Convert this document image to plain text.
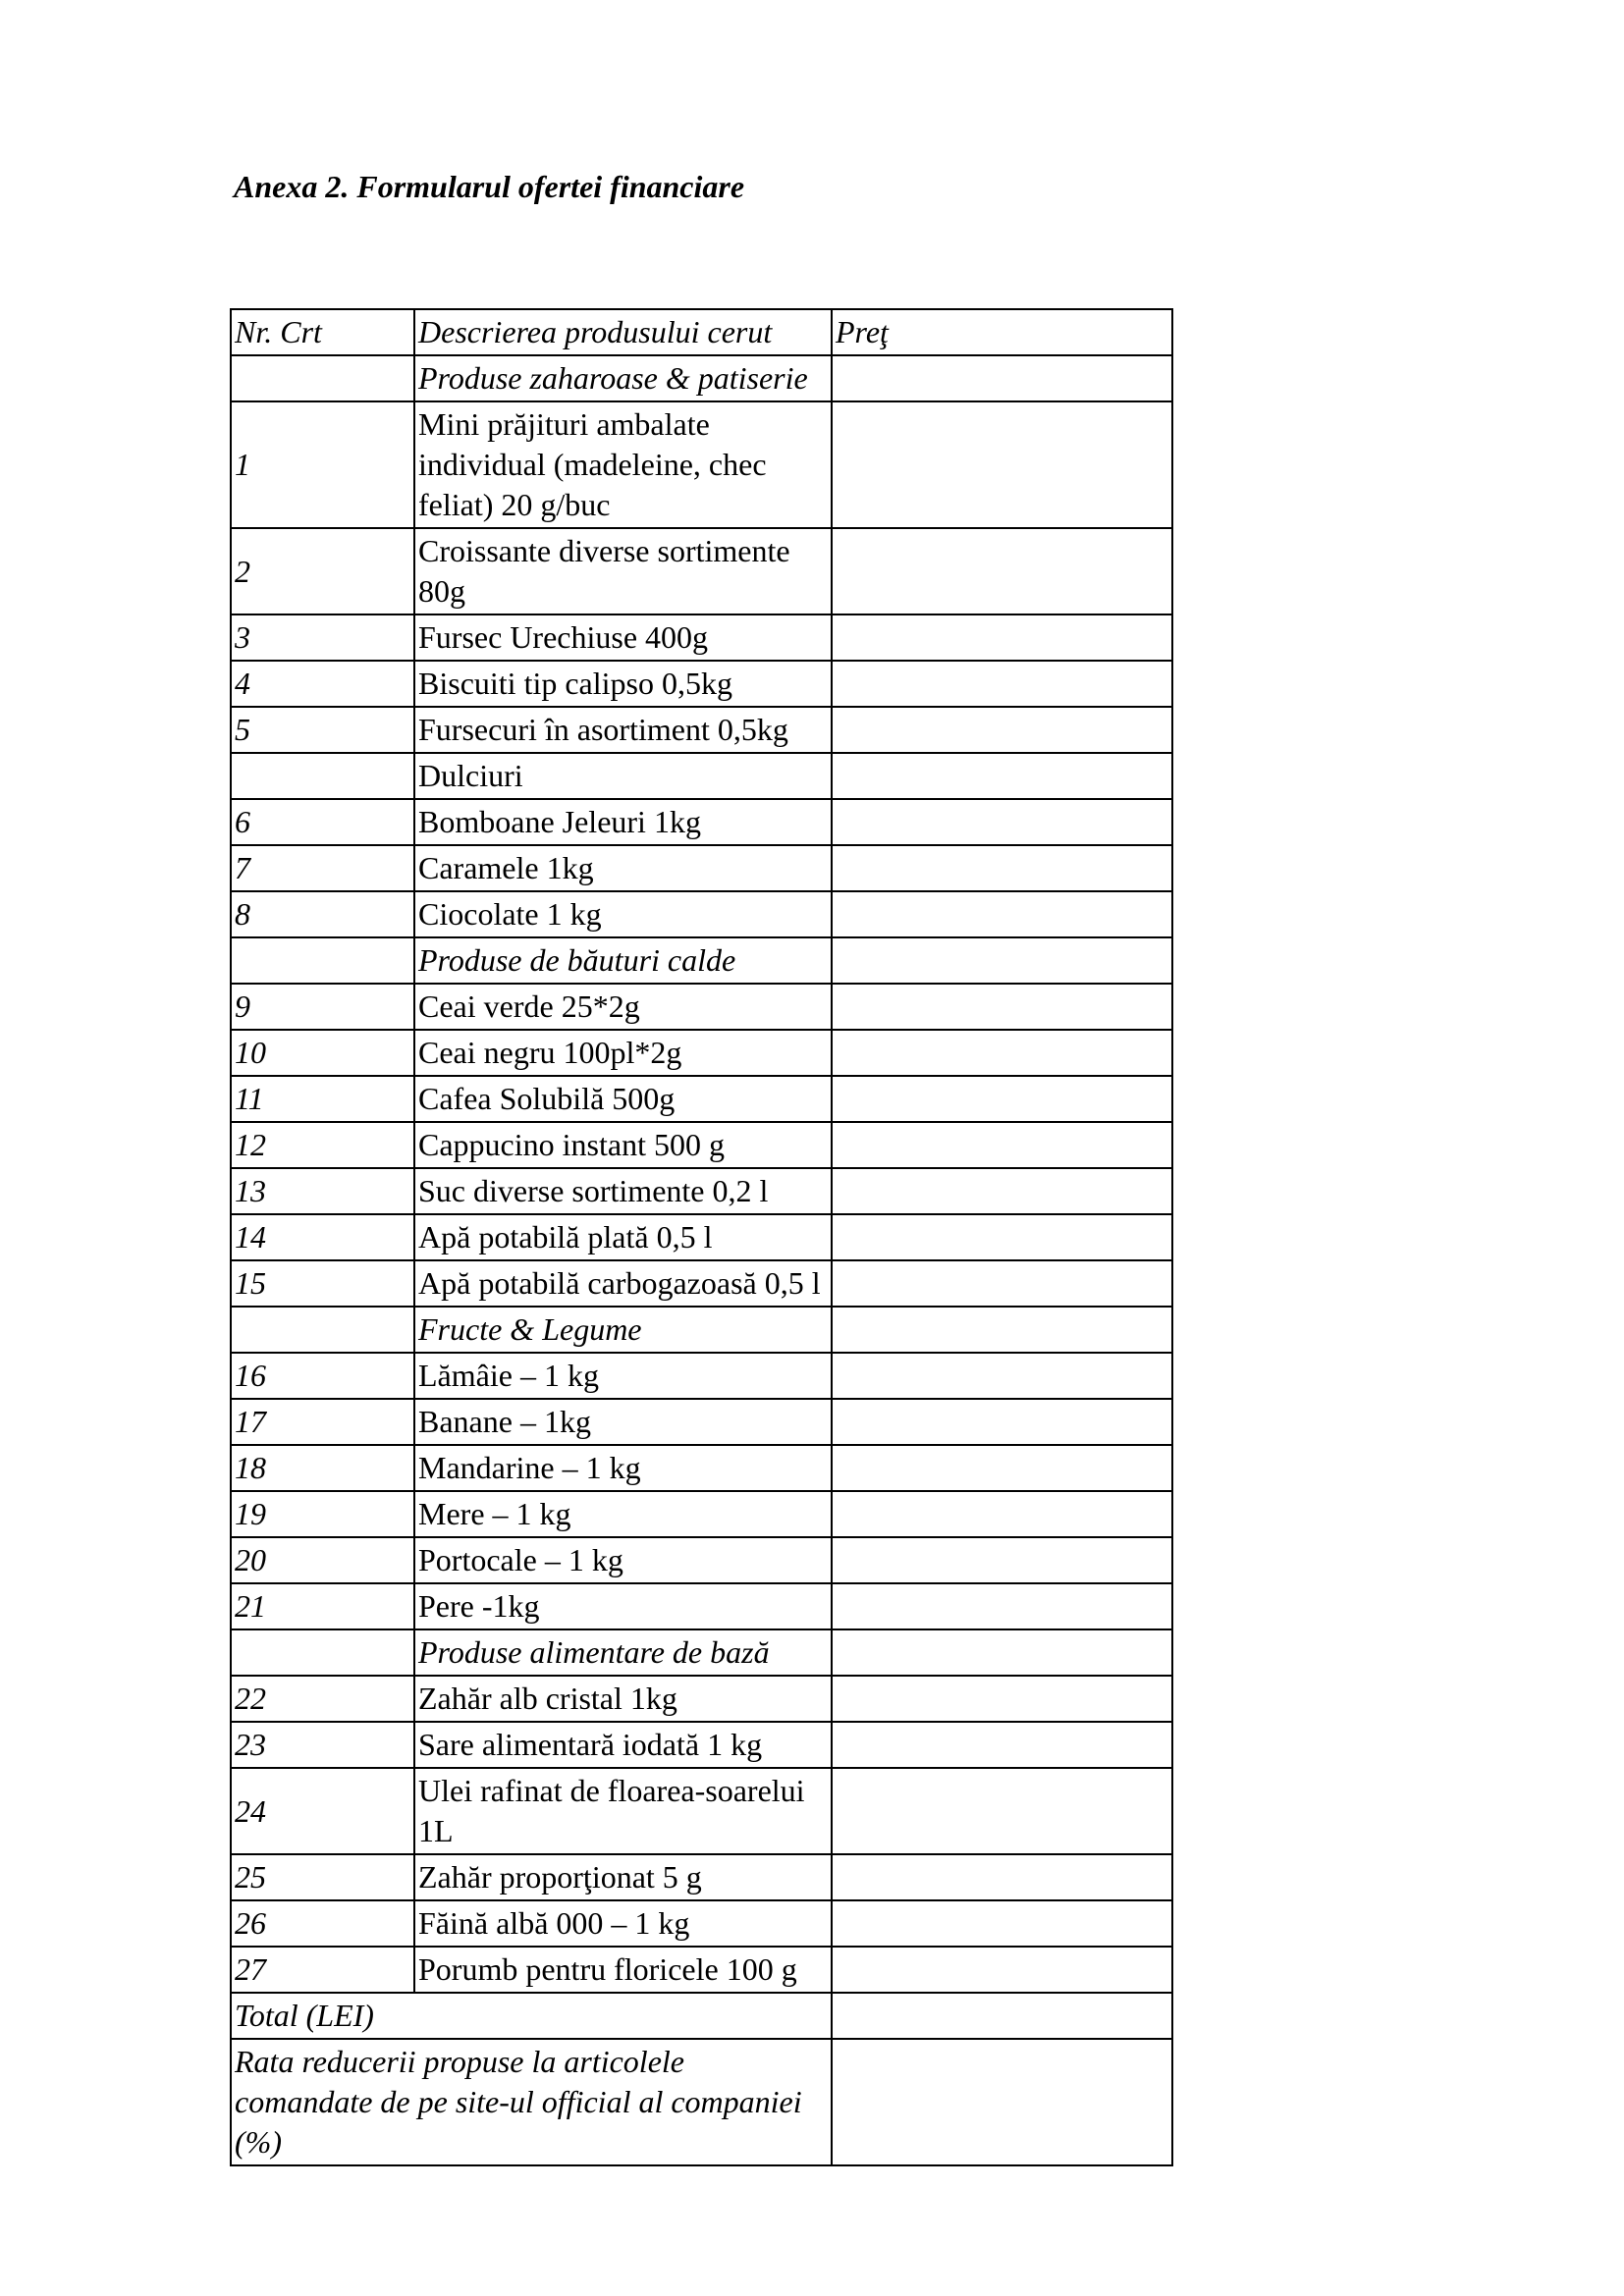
Anexa 2. Formularul ofertei financiare
Nr. Crt	Descrierea produsului cerut	Preţ
	Produse zaharoase & patiserie	
1	Mini prăjituri ambalate individual (madeleine, chec feliat) 20 g/buc	
2	Croissante diverse sortimente 80g	
3	Fursec Urechiuse 400g	
4	Biscuiti tip calipso 0,5kg	
5	Fursecuri în asortiment 0,5kg	
	Dulciuri	
6	Bomboane Jeleuri 1kg	
7	Caramele 1kg	
8	Ciocolate 1 kg	
	Produse de băuturi calde	
9	Ceai verde 25*2g	
10	Ceai negru 100pl*2g	
11	Cafea Solubilă 500g	
12	Cappucino instant 500 g	
13	Suc diverse sortimente 0,2 l	
14	Apă potabilă plată 0,5 l	
15	Apă potabilă carbogazoasă 0,5 l	
	Fructe & Legume	
16	Lămâie – 1 kg	
17	Banane – 1kg	
18	Mandarine – 1 kg	
19	Mere – 1 kg	
20	Portocale – 1 kg	
21	Pere -1kg	
	Produse alimentare de bază	
22	Zahăr alb cristal 1kg	
23	Sare alimentară iodată 1 kg	
24	Ulei rafinat de floarea-soarelui 1L	
25	Zahăr proporţionat 5 g	
26	Făină albă 000 – 1 kg	
27	Porumb pentru floricele 100 g	
Total (LEI)		
Rata reducerii propuse la articolele comandate de pe site-ul official al companiei (%)		
